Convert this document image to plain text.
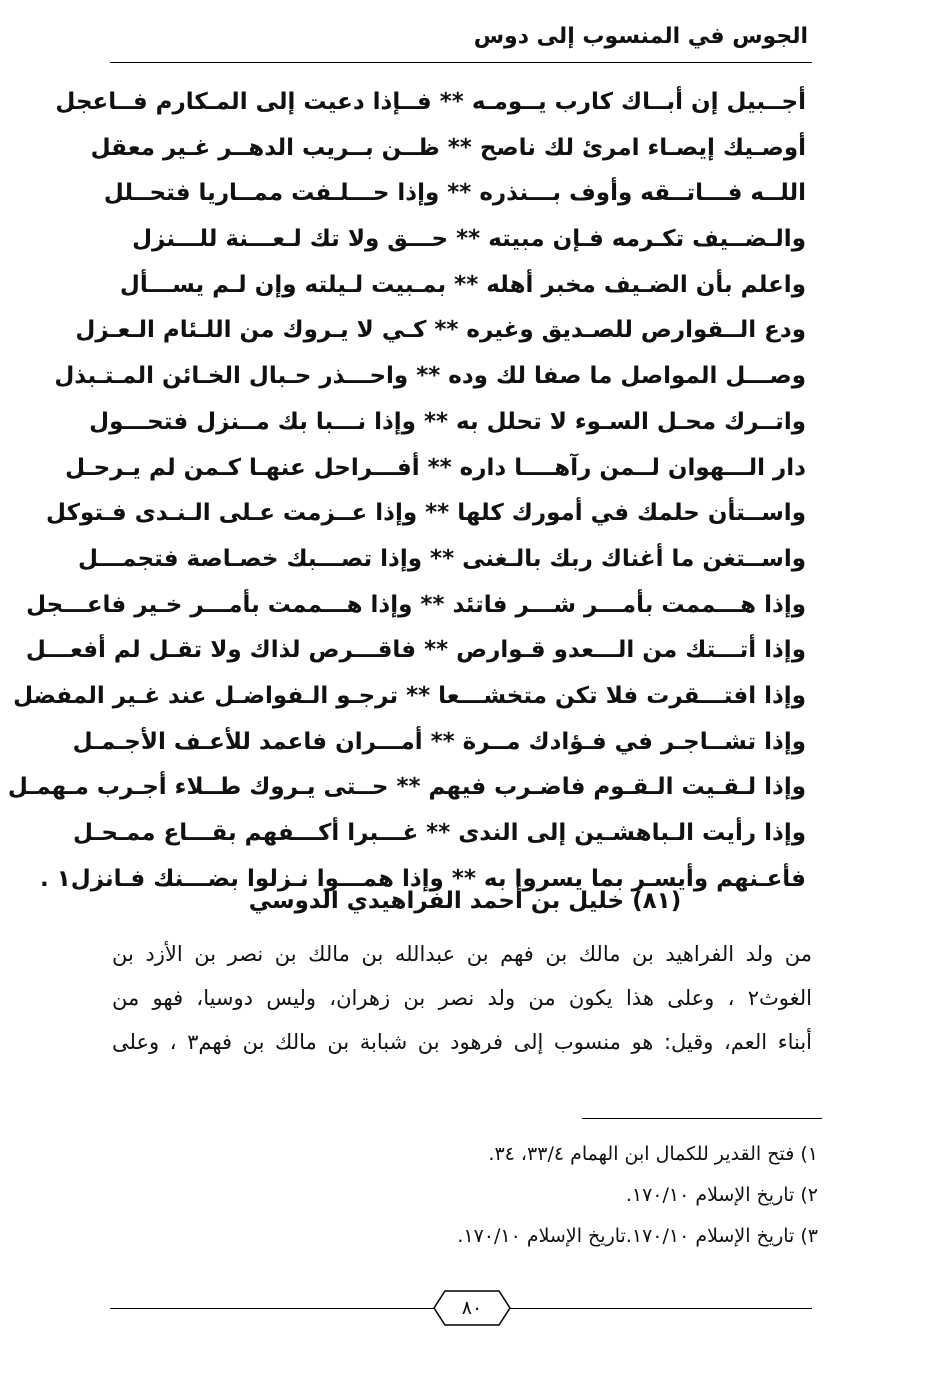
الجوس في المنسوب إلى دوس
أجــبيل إن أبــاك كارب يــومـه ** فــإذا دعيت إلى المـكارم فــاعجل
أوصـيك إيصـاء امرئ لك ناصح ** ظــن بــريب الدهــر غـير معقل
اللــه فـــاتــقه وأوف بـــنذره ** وإذا حـــلـفت ممــاريا فتحــلل
والـضــيف تكـرمه فـإن مبيته ** حـــق ولا تك لـعـــنة للـــنزل
واعلم بأن الضـيف مخبر أهله ** بمـبيت لـيلته وإن لـم يســـأل
ودع الــقوارص للصـديق وغيره ** كـي لا يـروك من اللـئام الـعـزل
وصـــل المواصل ما صفا لك وده ** واحـــذر حـبال الخـائن المـتـبذل
واتــرك محـل السـوء لا تحلل به ** وإذا نـــبا بك مــنزل فتحـــول
دار الـــهوان لــمن رآهــــا داره ** أفـــراحل عنهـا كـمن لم يـرحـل
واســتأن حلمك في أمورك كلها ** وإذا عــزمت عـلى الـنـدى فـتوكل
واســتغن ما أغناك ربك بالـغنى ** وإذا تصـــبك خصـاصة فتجمـــل
وإذا هـــممت بأمـــر شـــر فاتئد ** وإذا هـــممت بأمـــر خـير فاعـــجل
وإذا أتـــتك من الـــعدو قـوارص ** فاقـــرص لذاك ولا تقـل لم أفعـــل
وإذا افتـــقرت فلا تكن متخشـــعا ** ترجـو الـفواضـل عند غـير المفضل
وإذا تشــاجـر في فـؤادك مــرة ** أمـــران فاعمد للأعـف الأجـمـل
وإذا لـقـيت الـقـوم فاضـرب فيهم ** حــتى يـروك طــلاء أجـرب مـهمـل
وإذا رأيت الـباهشـين إلى الندى ** غـــبرا أكـــفهم بقـــاع ممـحـل
فأعـنهم وأيسـر بما يسروا به ** وإذا همـــوا نـزلوا بضـــنك فـانزل١ .
(٨١) خليل بن أحمد الفراهيدي الدوسي
من ولد الفراهيد بن مالك بن فهم بن عبدالله بن مالك بن نصر بن الأزد بن
الغوث٢ ، وعلى هذا يكون من ولد نصر بن زهران، وليس دوسيا، فهو من
أبناء العم، وقيل: هو منسوب إلى فرهود بن شبابة بن مالك بن فهم٣ ، وعلى
١) فتح القدير للكمال ابن الهمام ٣٣/٤، ٣٤.
٢) تاريخ الإسلام ١٧٠/١٠.
٣) تاريخ الإسلام ١٧٠/١٠.تاريخ الإسلام ١٧٠/١٠.
٨٠
